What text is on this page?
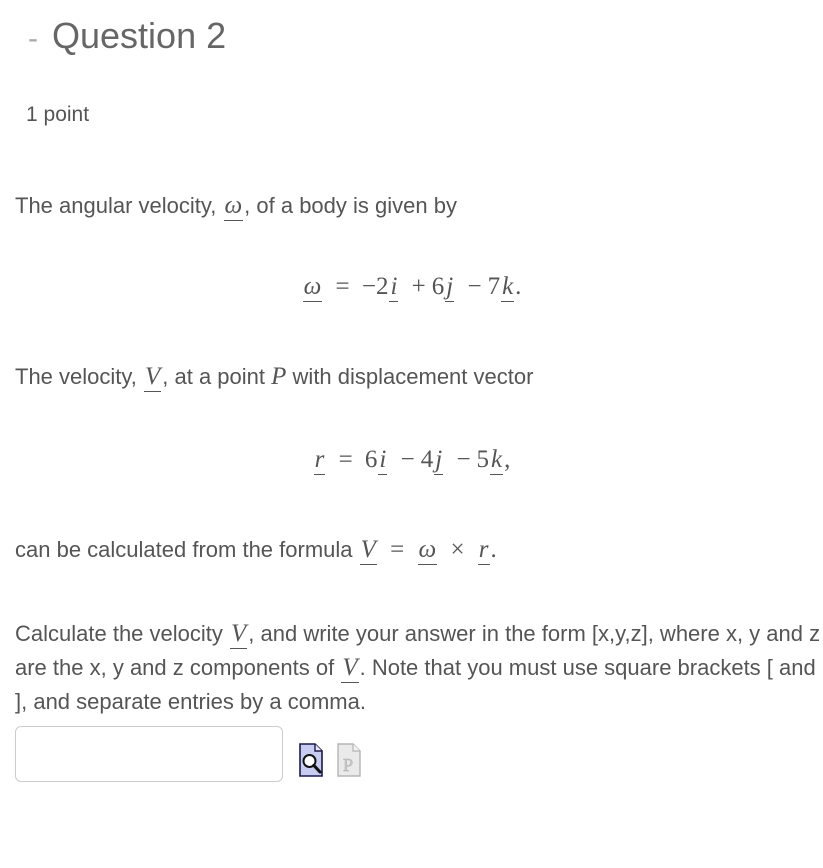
- Question 2
1 point

The angular velocity, ω, of a body is given by

ω = −2i + 6j − 7k.

The velocity, V, at a point P with displacement vector

r = 6i − 4j − 5k,

can be calculated from the formula V = ω × r.

Calculate the velocity V, and write your answer in the form [x,y,z], where x, y and z are the x, y and z components of V. Note that you must use square brackets [ and ], and separate entries by a comma.

P
